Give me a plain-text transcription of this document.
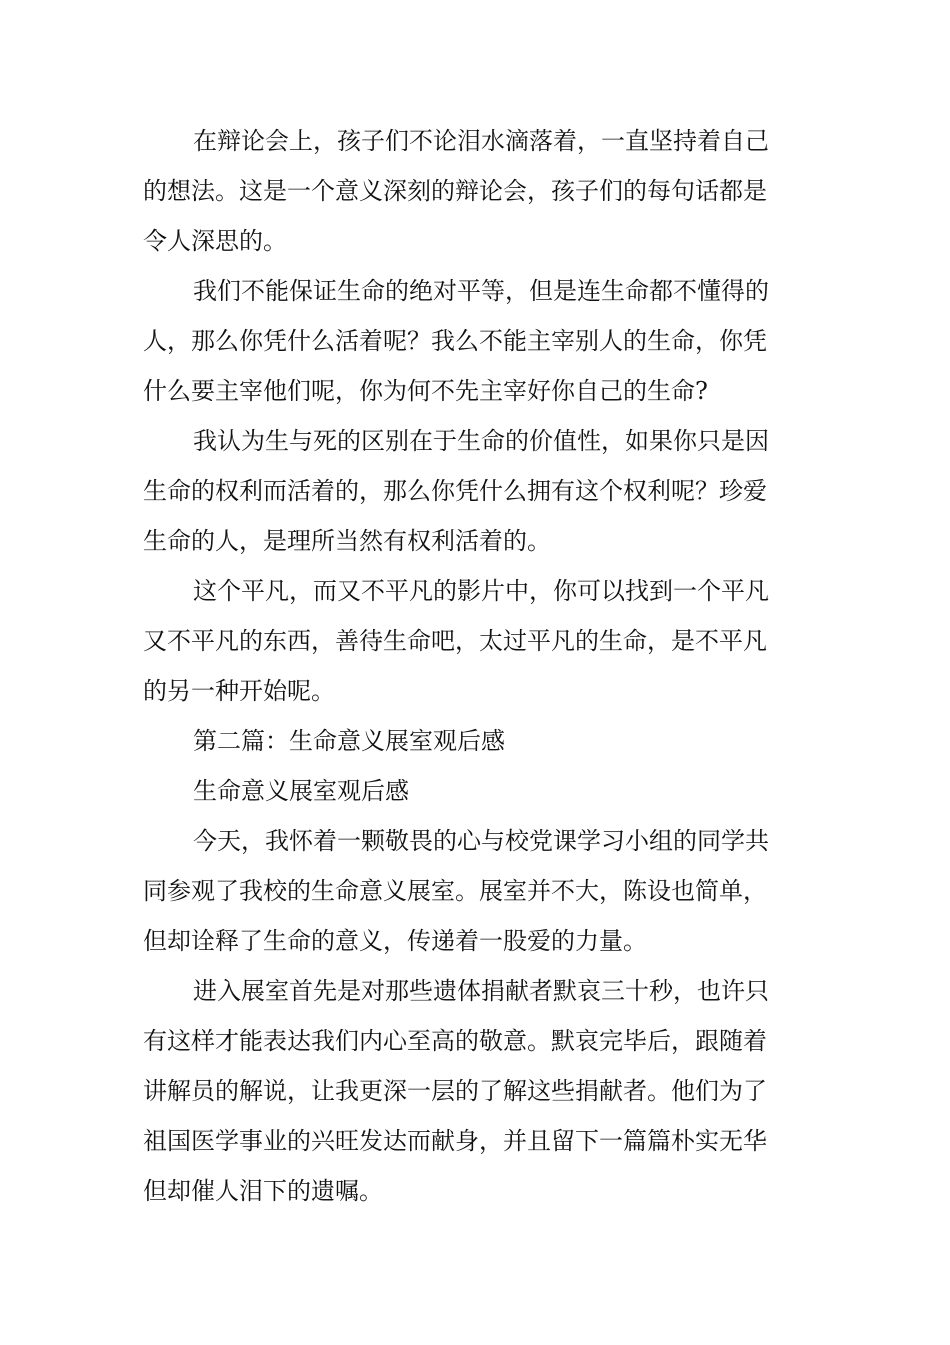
在辩论会上，孩子们不论泪水滴落着，一直坚持着自己
的想法。这是一个意义深刻的辩论会，孩子们的每句话都是
令人深思的。
我们不能保证生命的绝对平等，但是连生命都不懂得的
人，那么你凭什么活着呢？我么不能主宰别人的生命，你凭
什么要主宰他们呢，你为何不先主宰好你自己的生命?
我认为生与死的区别在于生命的价值性，如果你只是因
生命的权利而活着的，那么你凭什么拥有这个权利呢？珍爱
生命的人，是理所当然有权利活着的。
这个平凡，而又不平凡的影片中，你可以找到一个平凡
又不平凡的东西，善待生命吧，太过平凡的生命，是不平凡
的另一种开始呢。
第二篇：生命意义展室观后感
生命意义展室观后感
今天，我怀着一颗敬畏的心与校党课学习小组的同学共
同参观了我校的生命意义展室。展室并不大，陈设也简单，
但却诠释了生命的意义，传递着一股爱的力量。
进入展室首先是对那些遗体捐献者默哀三十秒，也许只
有这样才能表达我们内心至高的敬意。默哀完毕后，跟随着
讲解员的解说，让我更深一层的了解这些捐献者。他们为了
祖国医学事业的兴旺发达而献身，并且留下一篇篇朴实无华
但却催人泪下的遗嘱。
